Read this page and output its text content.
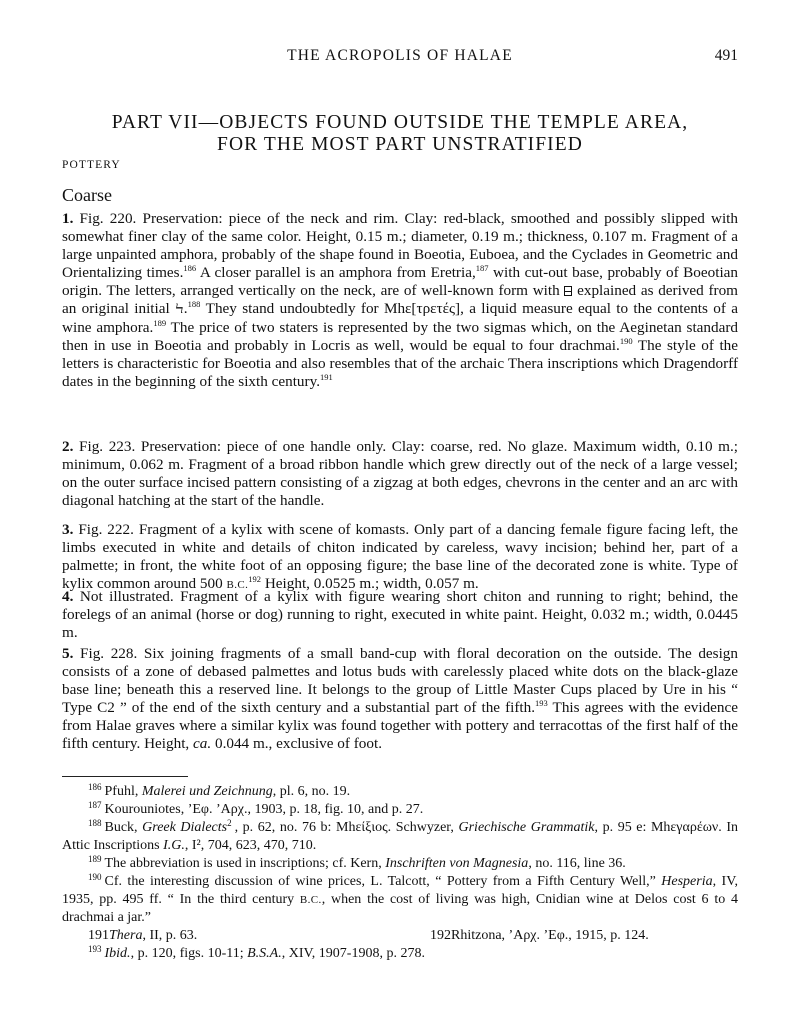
THE ACROPOLIS OF HALAE	491
PART VII—OBJECTS FOUND OUTSIDE THE TEMPLE AREA,
FOR THE MOST PART UNSTRATIFIED
POTTERY
Coarse

1. Fig. 220. Preservation: piece of the neck and rim. Clay: red-black, smoothed and possibly slipped with somewhat finer clay of the same color. Height, 0.15 m.; diameter, 0.19 m.; thickness, 0.107 m. Fragment of a large unpainted amphora, probably of the shape found in Boeotia, Euboea, and the Cyclades in Geometric and Orientalizing times.$^{186}$ A closer parallel is an amphora from Eretria,$^{187}$ with cut-out base, probably of Boeotian origin. The letters, arranged vertically on the neck, are of well-known form with  explained as derived from an original initial Ϟ.$^{188}$ They stand undoubtedly for Mhε[τρετές], a liquid measure equal to the contents of a wine amphora.$^{189}$ The price of two staters is represented by the two sigmas which, on the Aeginetan standard then in use in Boeotia and probably in Locris as well, would be equal to four drachmai.$^{190}$ The style of the letters is characteristic for Boeotia and also resembles that of the archaic Thera inscriptions which Dragendorff dates in the beginning of the sixth century.$^{191}$

2. Fig. 223. Preservation: piece of one handle only. Clay: coarse, red. No glaze. Maximum width, 0.10 m.; minimum, 0.062 m. Fragment of a broad ribbon handle which grew directly out of the neck of a large vessel; on the outer surface incised pattern consisting of a zigzag at both edges, chevrons in the center and an arc with diagonal hatching at the start of the handle.

3. Fig. 222. Fragment of a kylix with scene of komasts. Only part of a dancing female figure facing left, the limbs executed in white and details of chiton indicated by careless, wavy incision; behind her, part of a palmette; in front, the white foot of an opposing figure; the base line of the decorated zone is white. Type of kylix common around 500 B.C.$^{192}$ Height, 0.0525 m.; width, 0.057 m.

4. Not illustrated. Fragment of a kylix with figure wearing short chiton and running to right; behind, the forelegs of an animal (horse or dog) running to right, executed in white paint. Height, 0.032 m.; width, 0.0445 m.

5. Fig. 228. Six joining fragments of a small band-cup with floral decoration on the outside. The design consists of a zone of debased palmettes and lotus buds with carelessly placed white dots on the black-glaze base line; beneath this a reserved line. It belongs to the group of Little Master Cups placed by Ure in his “ Type C2 ” of the end of the sixth century and a substantial part of the fifth.$^{193}$ This agrees with the evidence from Halae graves where a similar kylix was found together with pottery and terracottas of the first half of the fifth century. Height, ca. 0.044 m., exclusive of foot.

$^{186}$ Pfuhl, Malerei und Zeichnung, pl. 6, no. 19.

$^{187}$ Kourouniotes, ’Εφ. ’Αρχ., 1903, p. 18, fig. 10, and p. 27.

$^{188}$ Buck, Greek Dialects$^2$ , p. 62, no. 76 b: Μhείξιος. Schwyzer, Griechische Grammatik, p. 95 e: Μhεγαρέων. In Attic Inscriptions I.G., I², 704, 623, 470, 710.

$^{189}$ The abbreviation is used in inscriptions; cf. Kern, Inschriften von Magnesia, no. 116, line 36.

$^{190}$ Cf. the interesting discussion of wine prices, L. Talcott, “ Pottery from a Fifth Century Well,” Hesperia, IV, 1935, pp. 495 ff. “ In the third century B.C., when the cost of living was high, Cnidian wine at Delos cost 6 to 4 drachmai a jar.”

191Thera, II, p. 63.	192Rhitzona, ’Αρχ. ’Εφ., 1915, p. 124.

$^{193}$ Ibid., p. 120, figs. 10-11; B.S.A., XIV, 1907-1908, p. 278.
